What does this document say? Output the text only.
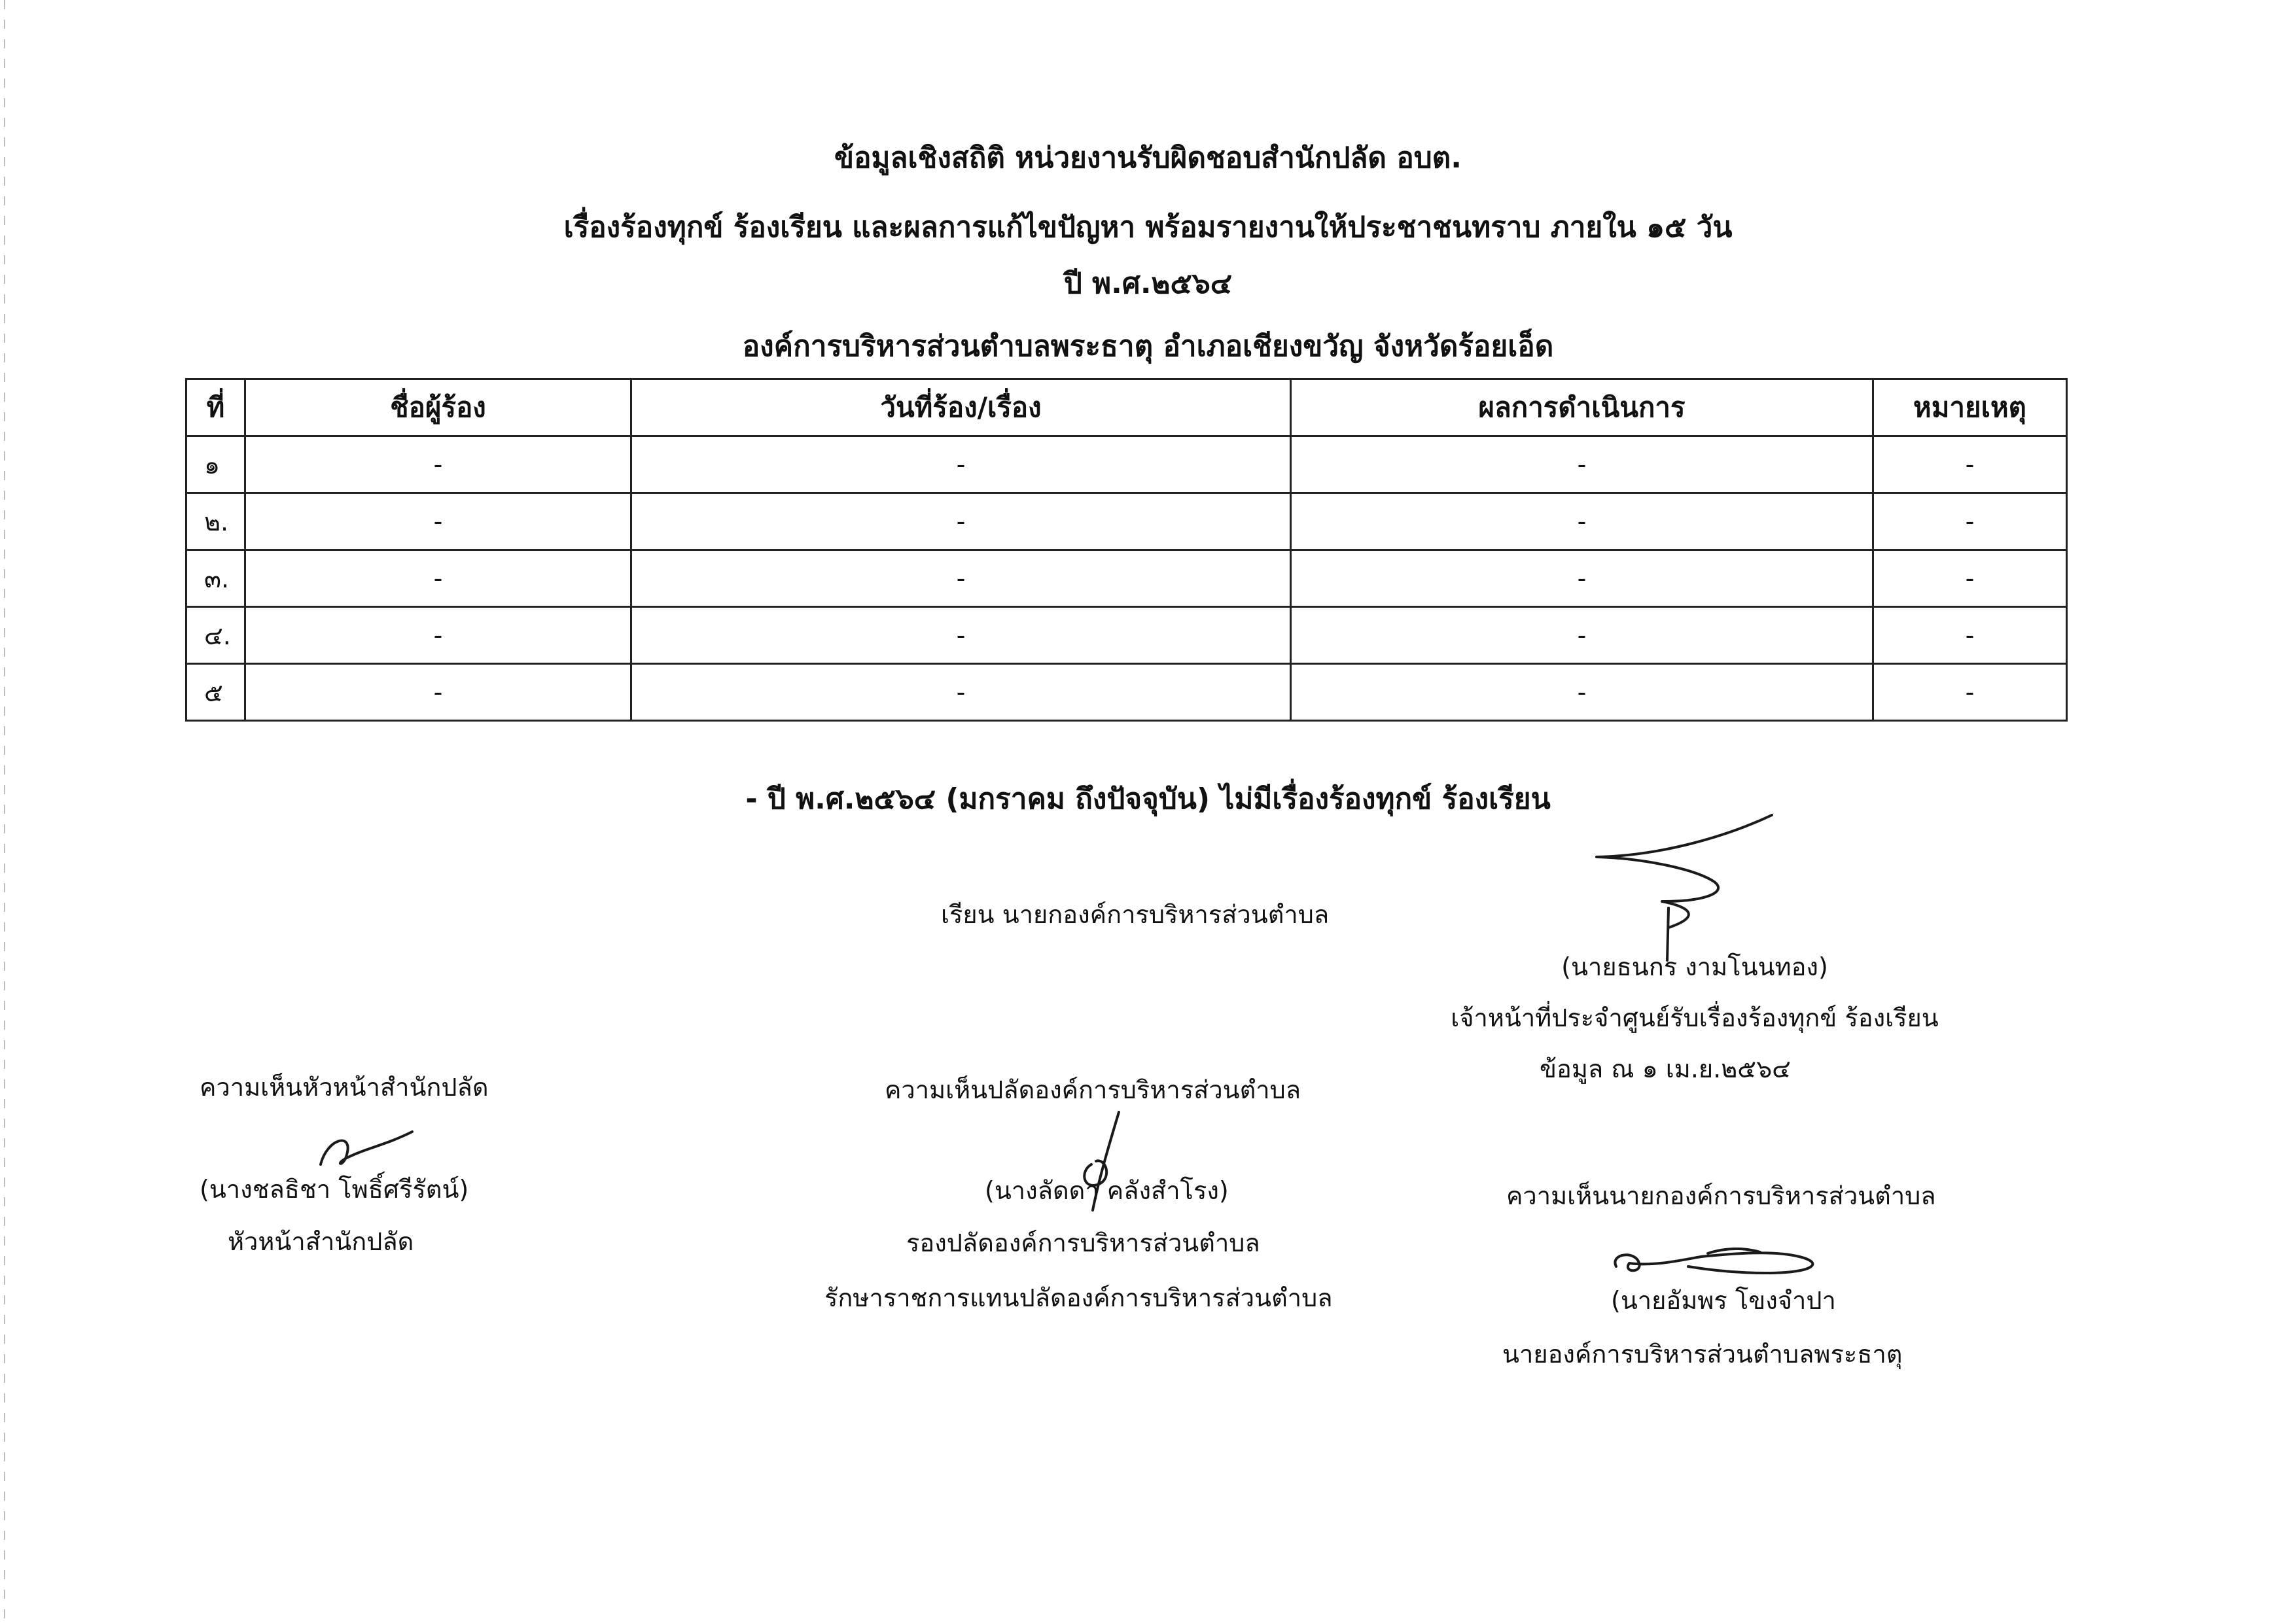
ข้อมูลเชิงสถิติ หน่วยงานรับผิดชอบสำนักปลัด อบต.
เรื่องร้องทุกข์ ร้องเรียน และผลการแก้ไขปัญหา พร้อมรายงานให้ประชาชนทราบ ภายใน ๑๕ วัน
ปี พ.ศ.๒๕๖๔
องค์การบริหารส่วนตำบลพระธาตุ อำเภอเชียงขวัญ จังหวัดร้อยเอ็ด
ที่	ชื่อผู้ร้อง	วันที่ร้อง/เรื่อง	ผลการดำเนินการ	หมายเหตุ
๑	-	-	-	-
๒.	-	-	-	-
๓.	-	-	-	-
๔.	-	-	-	-
๕	-	-	-	-
- ปี พ.ศ.๒๕๖๔ (มกราคม ถึงปัจจุบัน) ไม่มีเรื่องร้องทุกข์ ร้องเรียน
เรียน นายกองค์การบริหารส่วนตำบล
(นายธนกร งามโนนทอง)
เจ้าหน้าที่ประจำศูนย์รับเรื่องร้องทุกข์ ร้องเรียน
ข้อมูล ณ ๑ เม.ย.๒๕๖๔
ความเห็นหัวหน้าสำนักปลัด
(นางชลธิชา โพธิ์ศรีรัตน์)
หัวหน้าสำนักปลัด
ความเห็นปลัดองค์การบริหารส่วนตำบล
(นางลัดดา คลังสำโรง)
รองปลัดองค์การบริหารส่วนตำบล
รักษาราชการแทนปลัดองค์การบริหารส่วนตำบล
ความเห็นนายกองค์การบริหารส่วนตำบล
(นายอัมพร โขงจำปา
นายองค์การบริหารส่วนตำบลพระธาตุ
